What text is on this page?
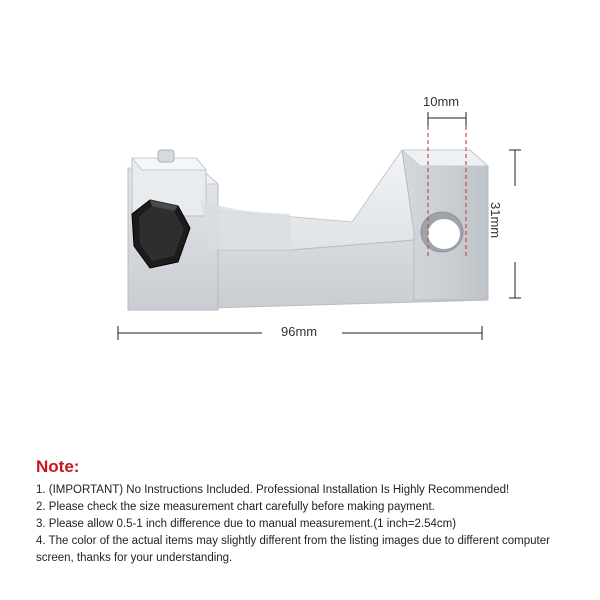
10mm
31mm
96mm
Note:

1. (IMPORTANT) No Instructions Included. Professional Installation Is Highly Recommended!

2. Please check the size measurement chart carefully before making payment.

3. Please allow 0.5-1 inch difference due to manual measurement.(1 inch=2.54cm)

4. The color of the actual items may slightly different from the listing images due to different computer screen, thanks for your understanding.
